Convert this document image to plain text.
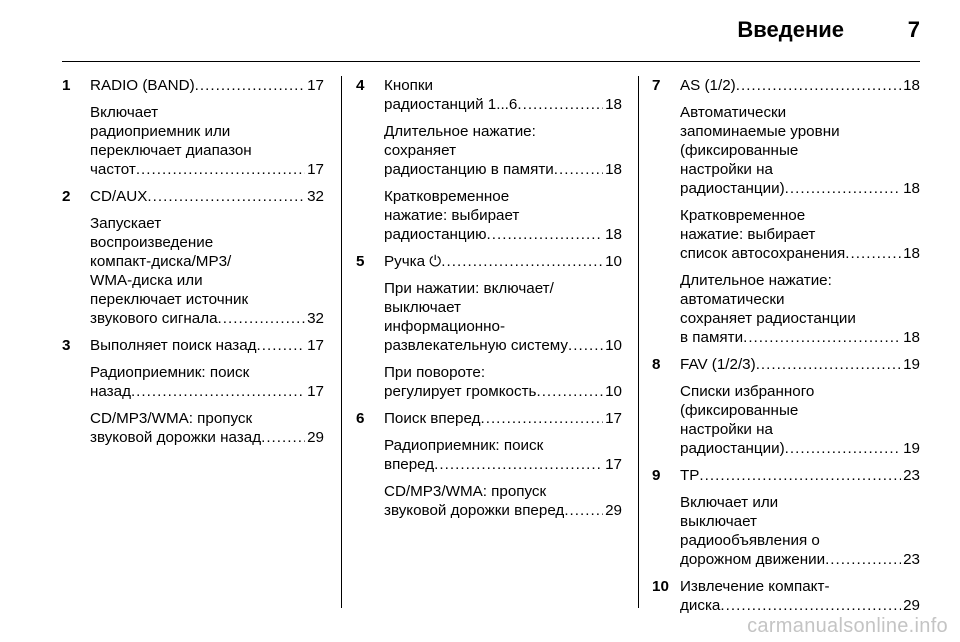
Введение	7
1 RADIO (BAND) . . .	17
Включает
радиоприемник или
переключает диапазон
частот . . .	17
2 CD/AUX . . .	32
Запускает
воспроизведение
компакт-диска/MP3/
WMA-диска или
переключает источник
звукового сигнала . . .	32
3 Выполняет поиск назад . . .	17
Радиоприемник: поиск
назад . . .	17
CD/MP3/WMA: пропуск
звуковой дорожки назад . . .	29
4 Кнопки
радиостанций 1...6 . . .	18
Длительное нажатие:
сохраняет
радиостанцию в памяти . . .	18
Кратковременное
нажатие: выбирает
радиостанцию . . .	18
5 Ручка ⏻ . . .	10
При нажатии: включает/
выключает
информационно-
развлекательную систему . . . 10
При повороте:
регулирует громкость . . .	10
6 Поиск вперед . . .	17
Радиоприемник: поиск
вперед . . .	17
CD/MP3/WMA: пропуск
звуковой дорожки вперед . . .	29
7 AS (1/2) . . .	18
Автоматически
запоминаемые уровни
(фиксированные
настройки на
радиостанции) . . .	18
Кратковременное
нажатие: выбирает
список автосохранения . . .	18
Длительное нажатие:
автоматически
сохраняет радиостанции
в памяти . . .	18
8 FAV (1/2/3) . . .	19
Списки избранного
(фиксированные
настройки на
радиостанции) . . .	19
9 TP . . .	23
Включает или
выключает
радиообъявления о
дорожном движении . . .	23
10 Извлечение компакт-
диска . . .	29
carmanualsonline.info
